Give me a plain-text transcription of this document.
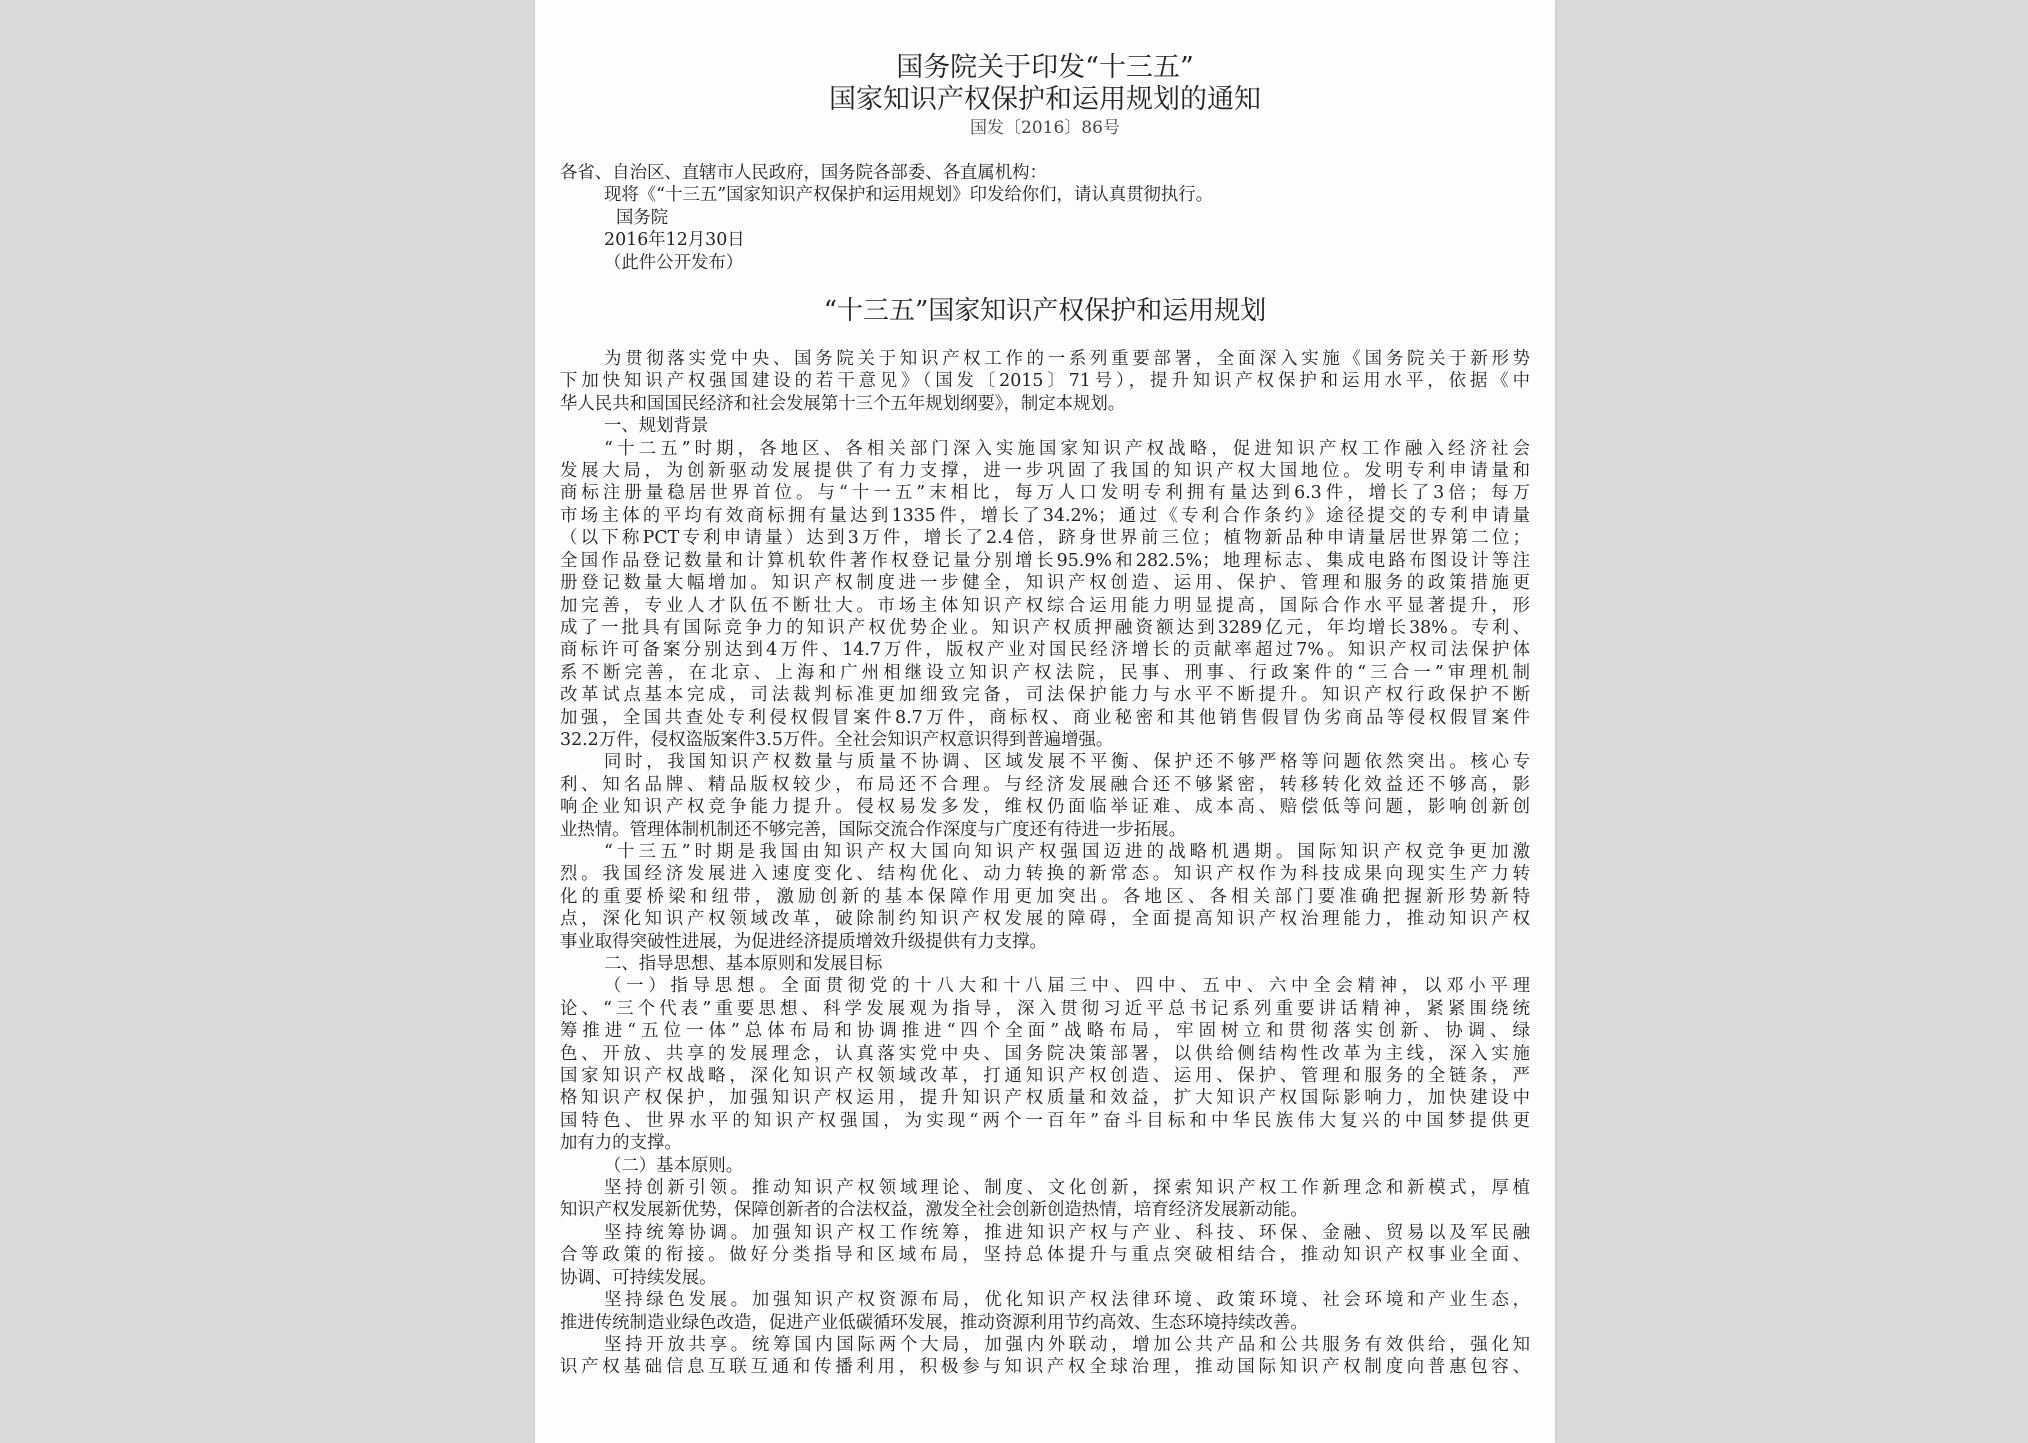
国务院关于印发“十三五”
国家知识产权保护和运用规划的通知
国发〔2016〕86号
各省、自治区、直辖市人民政府，国务院各部委、各直属机构：
现将《“十三五”国家知识产权保护和运用规划》印发给你们，请认真贯彻执行。
国务院
2016年12月30日
（此件公开发布）
“十三五”国家知识产权保护和运用规划
为贯彻落实党中央、国务院关于知识产权工作的一系列重要部署，全面深入实施《国务院关于新形势
下加快知识产权强国建设的若干意见》（国发〔2015〕71号），提升知识产权保护和运用水平，依据《中
华人民共和国国民经济和社会发展第十三个五年规划纲要》，制定本规划。
一、规划背景
“十二五”时期，各地区、各相关部门深入实施国家知识产权战略，促进知识产权工作融入经济社会
发展大局，为创新驱动发展提供了有力支撑，进一步巩固了我国的知识产权大国地位。发明专利申请量和
商标注册量稳居世界首位。与“十一五”末相比，每万人口发明专利拥有量达到6.3件，增长了3倍；每万
市场主体的平均有效商标拥有量达到1335件，增长了34.2%；通过《专利合作条约》途径提交的专利申请量
（以下称PCT专利申请量）达到3万件，增长了2.4倍，跻身世界前三位；植物新品种申请量居世界第二位；
全国作品登记数量和计算机软件著作权登记量分别增长95.9%和282.5%；地理标志、集成电路布图设计等注
册登记数量大幅增加。知识产权制度进一步健全，知识产权创造、运用、保护、管理和服务的政策措施更
加完善，专业人才队伍不断壮大。市场主体知识产权综合运用能力明显提高，国际合作水平显著提升，形
成了一批具有国际竞争力的知识产权优势企业。知识产权质押融资额达到3289亿元，年均增长38%。专利、
商标许可备案分别达到4万件、14.7万件，版权产业对国民经济增长的贡献率超过7%。知识产权司法保护体
系不断完善，在北京、上海和广州相继设立知识产权法院，民事、刑事、行政案件的“三合一”审理机制
改革试点基本完成，司法裁判标准更加细致完备，司法保护能力与水平不断提升。知识产权行政保护不断
加强，全国共查处专利侵权假冒案件8.7万件，商标权、商业秘密和其他销售假冒伪劣商品等侵权假冒案件
32.2万件，侵权盗版案件3.5万件。全社会知识产权意识得到普遍增强。
同时，我国知识产权数量与质量不协调、区域发展不平衡、保护还不够严格等问题依然突出。核心专
利、知名品牌、精品版权较少，布局还不合理。与经济发展融合还不够紧密，转移转化效益还不够高，影
响企业知识产权竞争能力提升。侵权易发多发，维权仍面临举证难、成本高、赔偿低等问题，影响创新创
业热情。管理体制机制还不够完善，国际交流合作深度与广度还有待进一步拓展。
“十三五”时期是我国由知识产权大国向知识产权强国迈进的战略机遇期。国际知识产权竞争更加激
烈。我国经济发展进入速度变化、结构优化、动力转换的新常态。知识产权作为科技成果向现实生产力转
化的重要桥梁和纽带，激励创新的基本保障作用更加突出。各地区、各相关部门要准确把握新形势新特
点，深化知识产权领域改革，破除制约知识产权发展的障碍，全面提高知识产权治理能力，推动知识产权
事业取得突破性进展，为促进经济提质增效升级提供有力支撑。
二、指导思想、基本原则和发展目标
（一）指导思想。全面贯彻党的十八大和十八届三中、四中、五中、六中全会精神，以邓小平理
论、“三个代表”重要思想、科学发展观为指导，深入贯彻习近平总书记系列重要讲话精神，紧紧围绕统
筹推进“五位一体”总体布局和协调推进“四个全面”战略布局，牢固树立和贯彻落实创新、协调、绿
色、开放、共享的发展理念，认真落实党中央、国务院决策部署，以供给侧结构性改革为主线，深入实施
国家知识产权战略，深化知识产权领域改革，打通知识产权创造、运用、保护、管理和服务的全链条，严
格知识产权保护，加强知识产权运用，提升知识产权质量和效益，扩大知识产权国际影响力，加快建设中
国特色、世界水平的知识产权强国，为实现“两个一百年”奋斗目标和中华民族伟大复兴的中国梦提供更
加有力的支撑。
（二）基本原则。
坚持创新引领。推动知识产权领域理论、制度、文化创新，探索知识产权工作新理念和新模式，厚植
知识产权发展新优势，保障创新者的合法权益，激发全社会创新创造热情，培育经济发展新动能。
坚持统筹协调。加强知识产权工作统筹，推进知识产权与产业、科技、环保、金融、贸易以及军民融
合等政策的衔接。做好分类指导和区域布局，坚持总体提升与重点突破相结合，推动知识产权事业全面、
协调、可持续发展。
坚持绿色发展。加强知识产权资源布局，优化知识产权法律环境、政策环境、社会环境和产业生态，
推进传统制造业绿色改造，促进产业低碳循环发展，推动资源利用节约高效、生态环境持续改善。
坚持开放共享。统筹国内国际两个大局，加强内外联动，增加公共产品和公共服务有效供给，强化知
识产权基础信息互联互通和传播利用，积极参与知识产权全球治理，推动国际知识产权制度向普惠包容、
